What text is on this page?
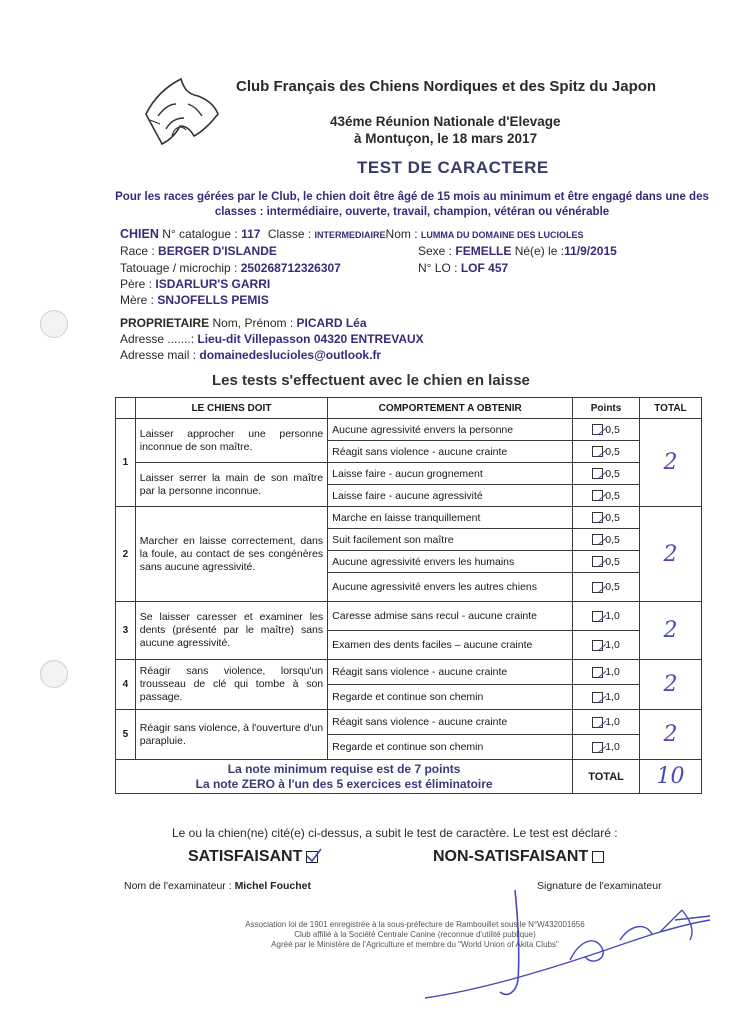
Club Français des Chiens Nordiques et des Spitz du Japon
43éme Réunion Nationale d'Elevage
à Montuçon, le 18 mars 2017
TEST DE CARACTERE
Pour les races gérées par le Club, le chien doit être âgé de 15 mois au minimum et être engagé dans une des classes : intermédiaire, ouverte, travail, champion, vétéran ou vénérable
CHIEN N° catalogue : 117 Classe : INTERMEDIAIRENom : LUMMA DU DOMAINE DES LUCIOLES
Race : BERGER D'ISLANDE	Sexe : FEMELLE Né(e) le :11/9/2015
Tatouage / microchip : 250268712326307	N° LO : LOF 457
Père : ISDARLUR'S GARRI
Mère : SNJOFELLS PEMIS
PROPRIETAIRE Nom, Prénom : PICARD Léa
Adresse .......: Lieu-dit Villepasson 04320 ENTREVAUX
Adresse mail : domainedeslucioles@outlook.fr
Les tests s'effectuent avec le chien en laisse
	LE CHIENS DOIT	COMPORTEMENT A OBTENIR	Points	TOTAL
1	Laisser approcher une personne inconnue de son maître.	Aucune agressivité envers la personne	0,5	2
		Réagit sans violence - aucune crainte	0,5	
	Laisser serrer la main de son maître par la personne inconnue.	Laisse faire - aucun grognement	0,5	
		Laisse faire - aucune agressivité	0,5	
2	Marcher en laisse correctement, dans la foule, au contact de ses congénères sans aucune agressivité.	Marche en laisse tranquillement	0,5	2
		Suit facilement son maître	0,5	
		Aucune agressivité envers les humains	0,5	
		Aucune agressivité envers les autres chiens	0,5	
3	Se laisser caresser et examiner les dents (présenté par le maître) sans aucune agressivité.	Caresse admise sans recul - aucune crainte	1,0	2
		Examen des dents faciles – aucune crainte	1,0	
4	Réagir sans violence, lorsqu'un trousseau de clé qui tombe à son passage.	Réagit sans violence - aucune crainte	1,0	2
		Regarde et continue son chemin	1,0	
5	Réagir sans violence, à l'ouverture d'un parapluie.	Réagit sans violence - aucune crainte	1,0	2
		Regarde et continue son chemin	1,0	

La note minimum requise est de 7 points
La note ZERO à l'un des 5 exercices est éliminatoire			TOTAL	10
Le ou la chien(ne) cité(e) ci-dessus, a subit le test de caractère. Le test est déclaré :
SATISFAISANT	NON-SATISFAISANT
Nom de l'examinateur : Michel Fouchet	Signature de l'examinateur
Association loi de 1901 enregistrée à la sous-préfecture de Rambouillet sous le N°W432001656
Club affilié à la Société Centrale Canine (reconnue d'utilité publique)
Agréé par le Ministère de l'Agriculture et membre du "World Union of Akita Clubs"
